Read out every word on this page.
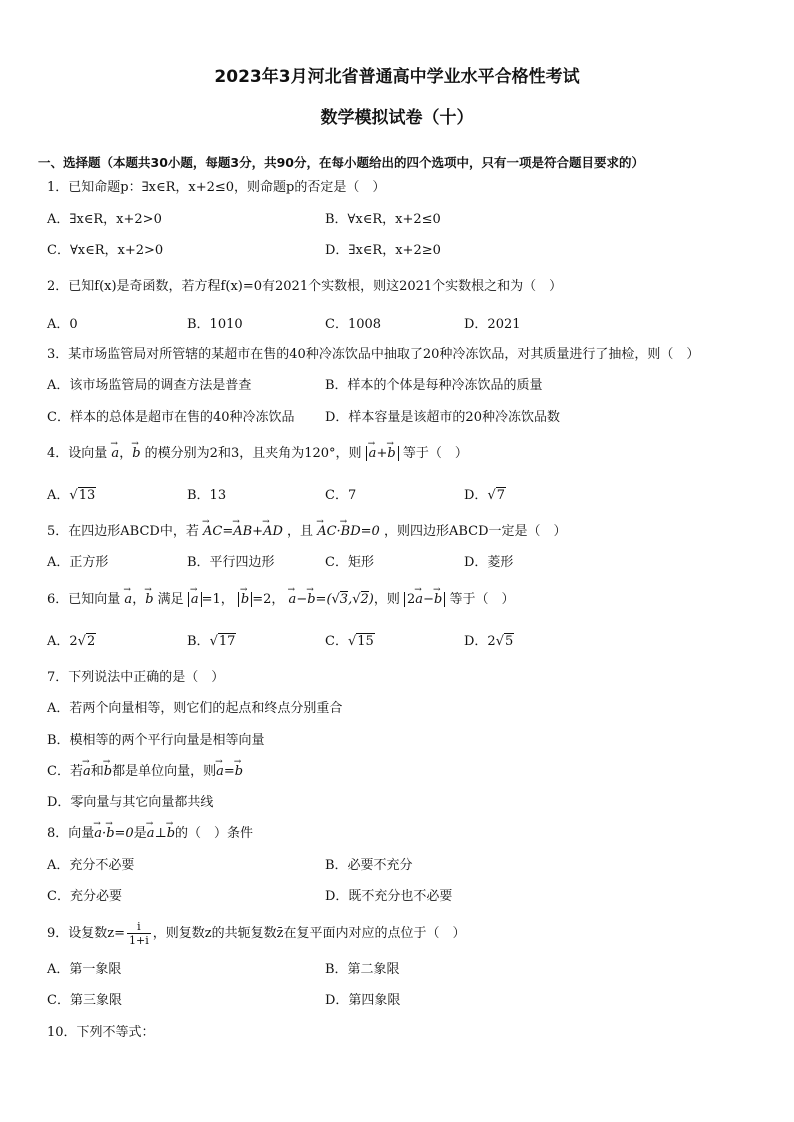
2023年3月河北省普通高中学业水平合格性考试
数学模拟试卷（十）
一、选择题（本题共30小题，每题3分，共90分，在每小题给出的四个选项中，只有一项是符合题目要求的）
1．已知命题p：∃x∈R，x+2≤0，则命题p的否定是（　）
A．∃x∈R，x+2>0	B．∀x∈R，x+2≤0
C．∀x∈R，x+2>0	D．∃x∈R，x+2≥0
2．已知f(x)是奇函数，若方程f(x)=0有2021个实数根，则这2021个实数根之和为（　）
A．0	B．1010	C．1008	D．2021
3．某市场监管局对所管辖的某超市在售的40种冷冻饮品中抽取了20种冷冻饮品，对其质量进行了抽检，则（　）
A．该市场监管局的调查方法是普查	B．样本的个体是每种冷冻饮品的质量
C．样本的总体是超市在售的40种冷冻饮品 D．样本容量是该超市的20种冷冻饮品数
4．设向量 → a，→ b 的模分别为2和3，且夹角为120°，则 → a+→ b 等于（　）
A．√13	B．13	C．7	D．√7
5．在四边形ABCD中，若 → AC=→ AB+→ AD ，且 → AC·→ BD=0 ，则四边形ABCD一定是（　）
A．正方形	B．平行四边形	C．矩形	D．菱形
6．已知向量 → a，→ b 满足 → a =1， → b =2， → a−→ b=(√3,√2)，则 2→ a−→ b 等于（　）
A．2√2	B．√17	C．√15	D．2√5
7．下列说法中正确的是（　）
A．若两个向量相等，则它们的起点和终点分别重合
B．模相等的两个平行向量是相等向量
C．若→ a和→ b都是单位向量，则→ a=→ b
D．零向量与其它向量都共线
8．向量→ a·→ b=0是→ a⊥→ b的（　）条件
A．充分不必要	B．必要不充分
C．充分必要	D．既不充分也不必要
9．设复数$z= \frac{i}{1+i}$ ，则复数z的共轭复数z̄在复平面内对应的点位于（　）
A．第一象限	B．第二象限
C．第三象限	D．第四象限
10．下列不等式：
